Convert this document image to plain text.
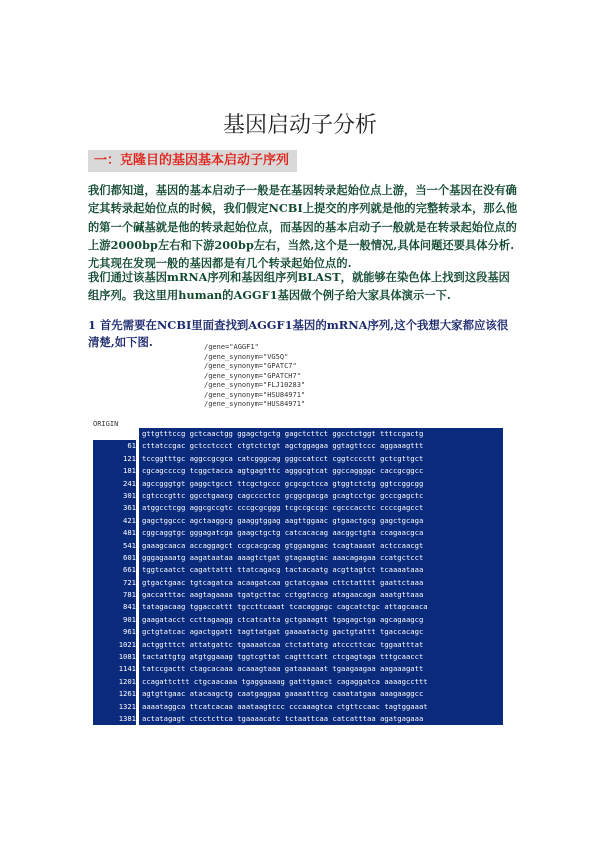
基因启动子分析
一：克隆目的基因基本启动子序列

我们都知道，基因的基本启动子一般是在基因转录起始位点上游，当一个基因在没有确定其转录起始位点的时候，我们假定NCBI上提交的序列就是他的完整转录本，那么他的第一个碱基就是他的转录起始位点，而基因的基本启动子一般就是在转录起始位点的上游2000bp左右和下游200bp左右，当然,这个是一般情况,具体问题还要具体分析.尤其现在发现一般的基因都是有几个转录起始位点的.

我们通过该基因mRNA序列和基因组序列BLAST，就能够在染色体上找到这段基因组序列。我这里用human的AGGF1基因做个例子给大家具体演示一下.

1 首先需要在NCBI里面查找到AGGF1基因的mRNA序列,这个我想大家都应该很清楚,如下图.	/gene="AGGF1"
/gene_synonym="VG5Q"
/gene_synonym="GPATC7"
/gene_synonym="GPATCH7"
/gene_synonym="FLJ10283"
/gene_synonym="HSU84971"
/gene_synonym="HUS84971"
ORIGIN
1 gttgtttccg gctcaactgg ggagctgctg gagctcttct ggcctctggt tttccgactg
61 cttatccgac gctcctccct ctgtctctgt agctggagaa ggtagttccc aggaaagttt
121 tccggtttgc aggccgcgca catcgggcag gggccatcct cggtcccctt gctcgttgct
181 cgcagccccg tcggctacca agtgagtttc agggcgtcat ggccaggggc caccgcggcc
241 agccgggtgt gaggctgcct ttcgctgccc gcgcgctcca gtggtctctg ggtccggcgg
301 cgtcccgttc ggcctgaacg cagcccctcc gcggcgacga gcagtcctgc gcccgagctc
361 atggcctcgg aggcgccgtc cccgcgcggg tcgccgccgc cgcccacctc ccccgagcct
421 gagctggccc agctaaggcg gaaggtggag aagttggaac gtgaactgcg gagctgcaga
481 cggcaggtgc gggagatcga gaagctgctg catcacacag aacggctgta ccagaacgca
541 gaaagcaaca accaggagct ccgcacgcag gtggaagaac tcagtaaaat actccaacgt
601 gggagaaatg aagataataa aaagtctgat gtagaagtac aaacagagaa ccatgctcct
661 tggtcaatct cagattattt ttatcagacg tactacaatg acgttagtct tcaaaataaa
721 gtgactgaac tgtcagatca acaagatcaa gctatcgaaa cttctatttt gaattctaaa
781 gaccatttac aagtagaaaa tgatgcttac cctggtaccg atagaacaga aaatgttaaa
841 tatagacaag tggaccattt tgccttcaaat tcacaggagc cagcatctgc attagcaaca
901 gaagatacct ccttagaagg ctcatcatta gctgaaagtt tgagagctga agcagaagcg
961 gctgtatcac agactggatt tagttatgat gaaaatactg gactgtattt tgaccacagc
1021 actggtttct attatgattc tgaaaatcaa ctctattatg atcccttcac tggaatttat
1081 tactattgtg atgtggaaag tggtcgttat cagtttcatt ctcgagtaga tttgcaacct
1141 tatccgactt ctagcacaaa acaaagtaaa gataaaaaat tgaagaagaa aagaaagatt
1201 ccagattcttt ctgcaacaaa tgaggaaaag gatttgaact cagaggatca aaaagccttt
1261 agtgttgaac atacaagctg caatgaggaa gaaaatttcg caaatatgaa aaagaaggcc
1321 aaaataggca ttcatcacaa aaataagtccc cccaaagtca ctgttccaac tagtggaaat
1381 actatagagt ctcctcttca tgaaaacatc tctaattcaa catcatttaa agatgagaaa
